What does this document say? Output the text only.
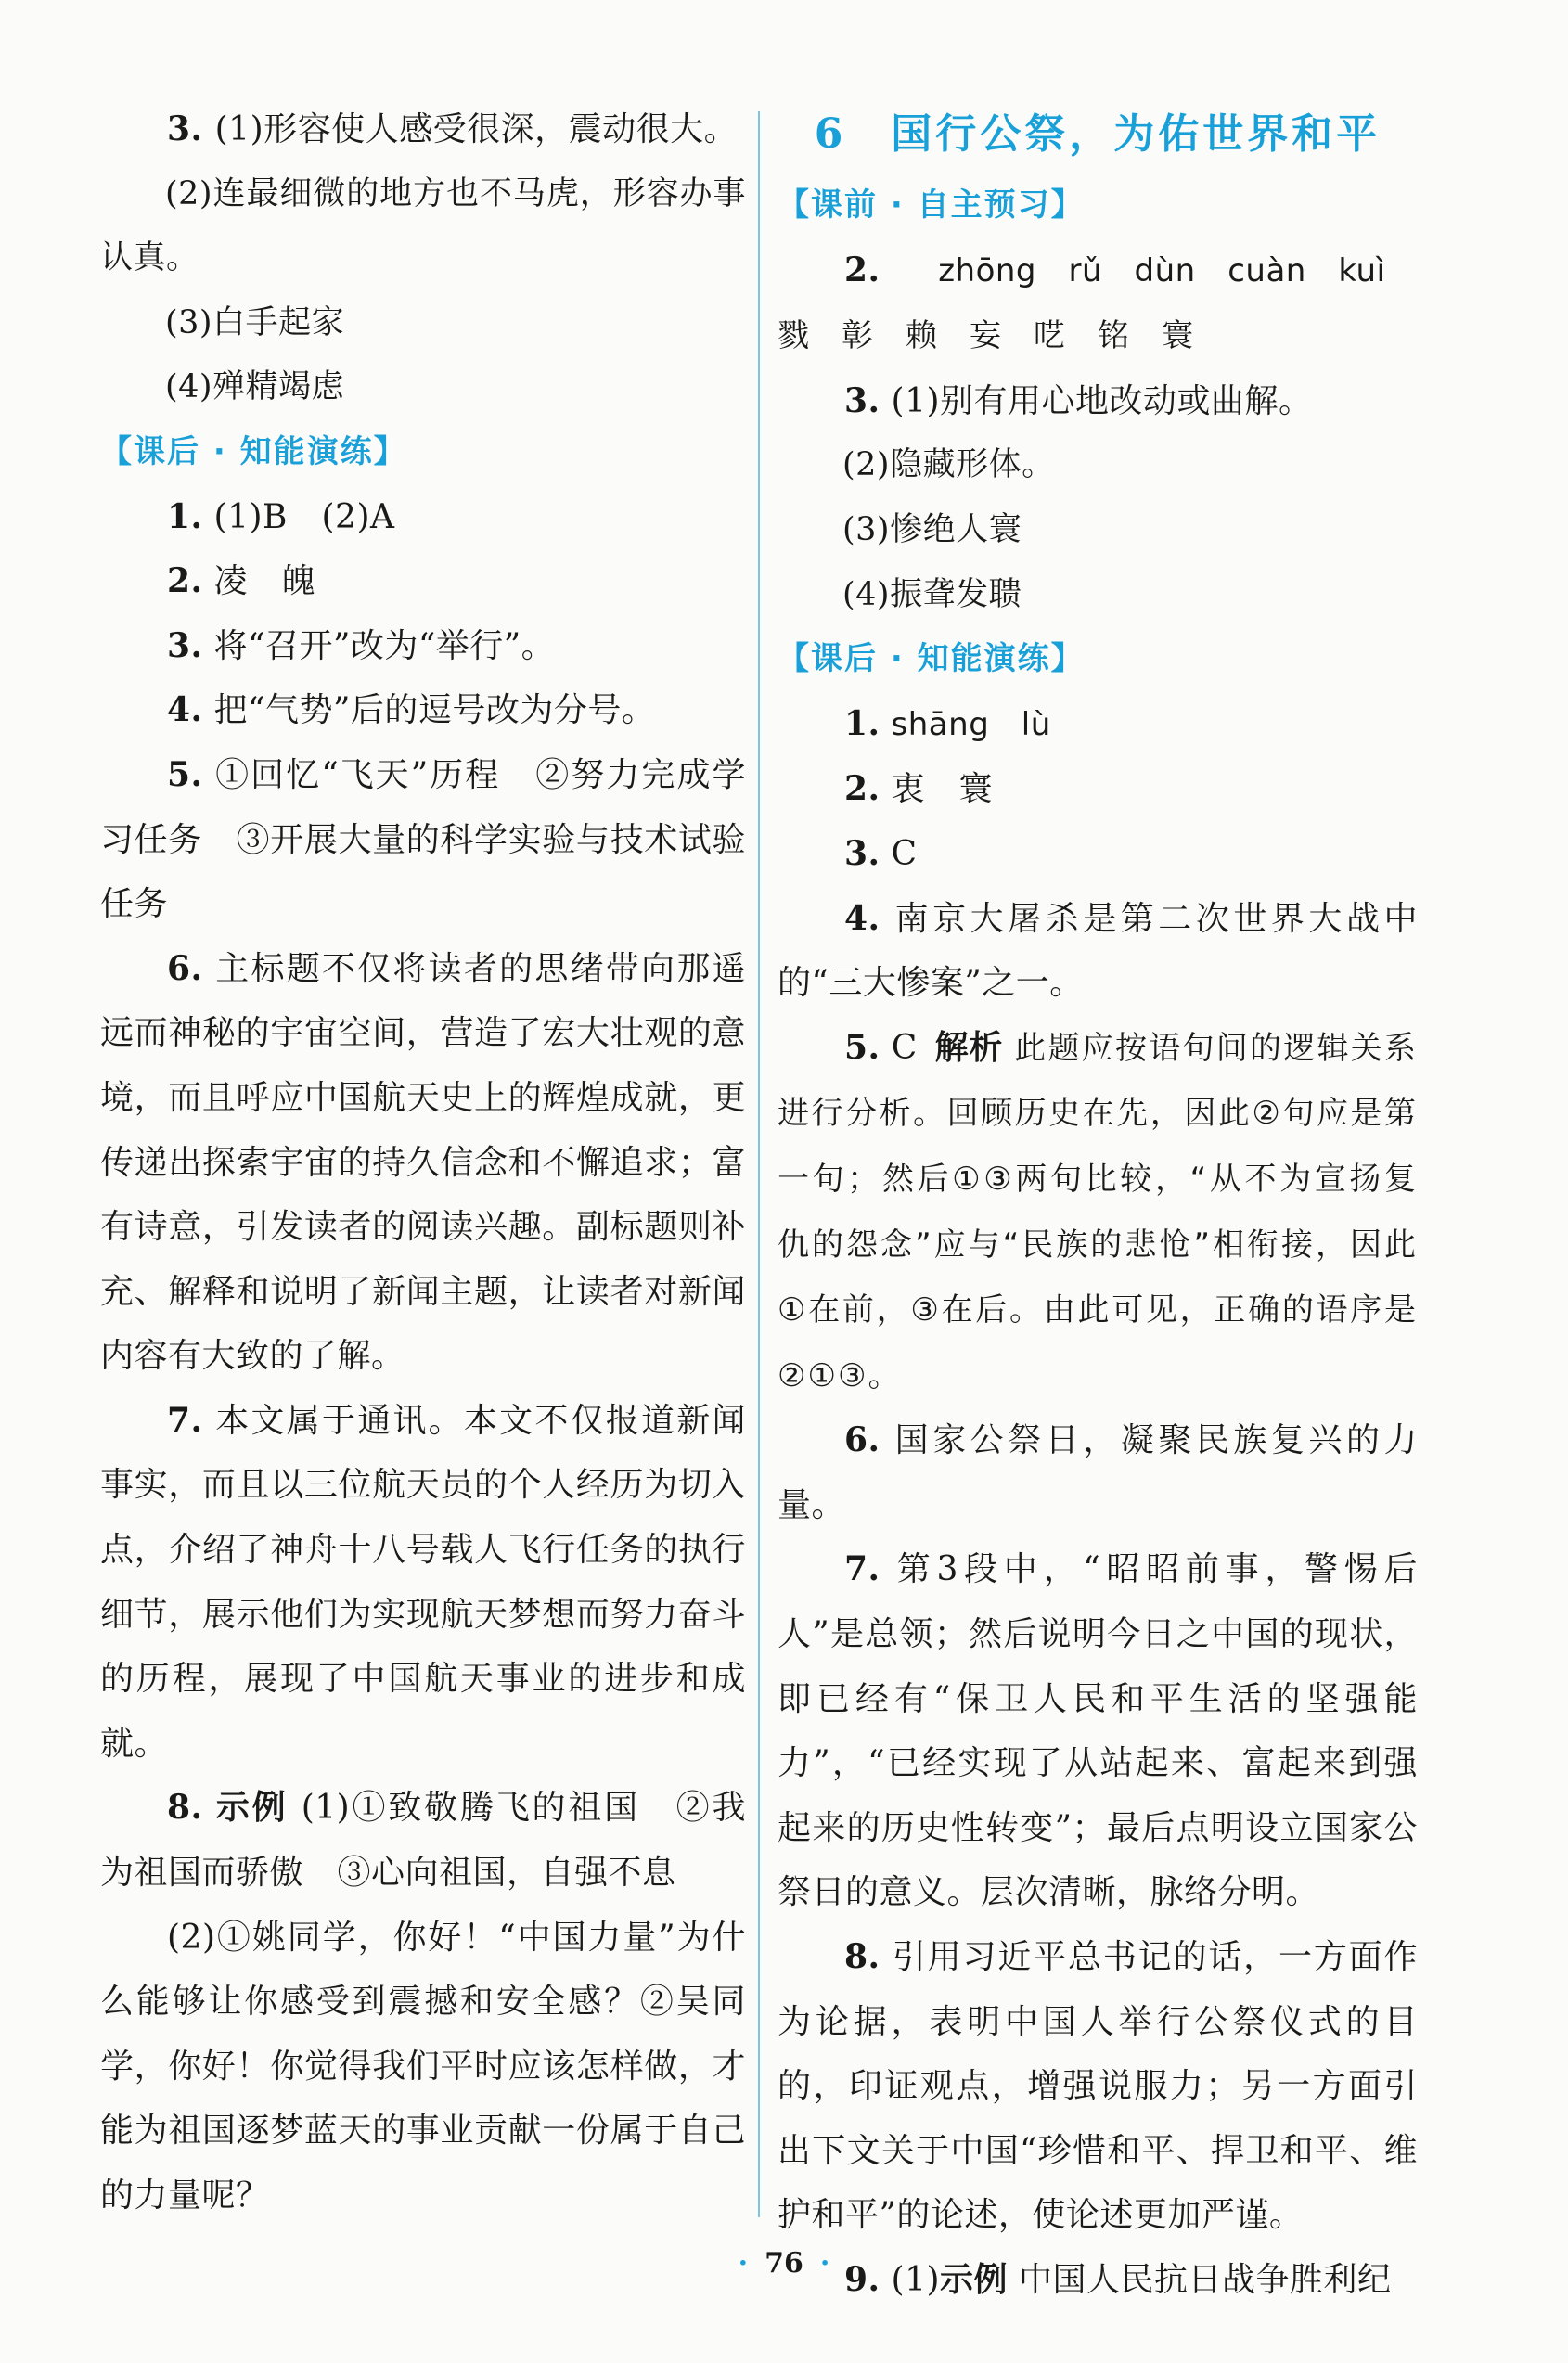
3. (1)形容使人感受很深，震动很大。

(2)连最细微的地方也不马虎，形容办事认真。

(3)白手起家

(4)殚精竭虑

【课后 · 知能演练】

1. (1)B (2)A

2. 凌 魄

3. 将“召开”改为“举行”。

4. 把“气势”后的逗号改为分号。

5. ①回忆“飞天”历程 ②努力完成学习任务 ③开展大量的科学实验与技术试验任务

6. 主标题不仅将读者的思绪带向那遥远而神秘的宇宙空间，营造了宏大壮观的意境，而且呼应中国航天史上的辉煌成就，更传递出探索宇宙的持久信念和不懈追求；富有诗意，引发读者的阅读兴趣。副标题则补充、解释和说明了新闻主题，让读者对新闻内容有大致的了解。

7. 本文属于通讯。本文不仅报道新闻事实，而且以三位航天员的个人经历为切入点，介绍了神舟十八号载人飞行任务的执行细节，展示他们为实现航天梦想而努力奋斗的历程，展现了中国航天事业的进步和成就。

8. 示例 (1)①致敬腾飞的祖国 ②我为祖国而骄傲 ③心向祖国，自强不息

(2)①姚同学，你好！“中国力量”为什么能够让你感受到震撼和安全感？②吴同学，你好！你觉得我们平时应该怎样做，才能为祖国逐梦蓝天的事业贡献一份属于自己的力量呢？

6 国行公祭，为佑世界和平
【课前 · 自主预习】

2. zhōng rǔ dùn cuàn kuì 戮 彰 赖 妄 呓 铭 寰

3. (1)别有用心地改动或曲解。

(2)隐藏形体。

(3)惨绝人寰

(4)振聋发聩

【课后 · 知能演练】

1. shāng lù

2. 衷 寰

3. C

4. 南京大屠杀是第二次世界大战中的“三大惨案”之一。

5. C  解析 此题应按语句间的逻辑关系进行分析。回顾历史在先，因此②句应是第一句；然后①③两句比较，“从不为宣扬复仇的怨念”应与“民族的悲怆”相衔接，因此①在前，③在后。由此可见，正确的语序是②①③。

6. 国家公祭日，凝聚民族复兴的力量。

7. 第3段中，“昭昭前事，警惕后人”是总领；然后说明今日之中国的现状，即已经有“保卫人民和平生活的坚强能力”，“已经实现了从站起来、富起来到强起来的历史性转变”；最后点明设立国家公祭日的意义。层次清晰，脉络分明。

8. 引用习近平总书记的话，一方面作为论据，表明中国人举行公祭仪式的目的，印证观点，增强说服力；另一方面引出下文关于中国“珍惜和平、捍卫和平、维护和平”的论述，使论述更加严谨。

9. (1)示例 中国人民抗日战争胜利纪

· 76 ·
